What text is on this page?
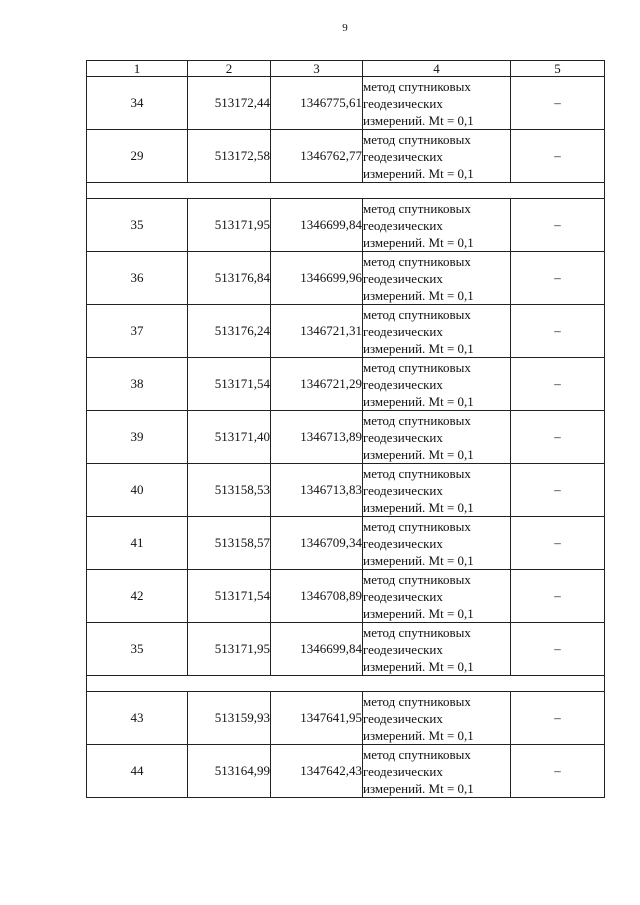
9
1	2	3	4	5
34	513172,44	1346775,61	метод спутниковых
геодезических
измерений. Mt = 0,1	–
29	513172,58	1346762,77	метод спутниковых
геодезических
измерений. Mt = 0,1	–

35	513171,95	1346699,84	метод спутниковых
геодезических
измерений. Mt = 0,1	–
36	513176,84	1346699,96	метод спутниковых
геодезических
измерений. Mt = 0,1	–
37	513176,24	1346721,31	метод спутниковых
геодезических
измерений. Mt = 0,1	–
38	513171,54	1346721,29	метод спутниковых
геодезических
измерений. Mt = 0,1	–
39	513171,40	1346713,89	метод спутниковых
геодезических
измерений. Mt = 0,1	–
40	513158,53	1346713,83	метод спутниковых
геодезических
измерений. Mt = 0,1	–
41	513158,57	1346709,34	метод спутниковых
геодезических
измерений. Mt = 0,1	–
42	513171,54	1346708,89	метод спутниковых
геодезических
измерений. Mt = 0,1	–
35	513171,95	1346699,84	метод спутниковых
геодезических
измерений. Mt = 0,1	–

43	513159,93	1347641,95	метод спутниковых
геодезических
измерений. Mt = 0,1	–
44	513164,99	1347642,43	метод спутниковых
геодезических
измерений. Mt = 0,1	–
